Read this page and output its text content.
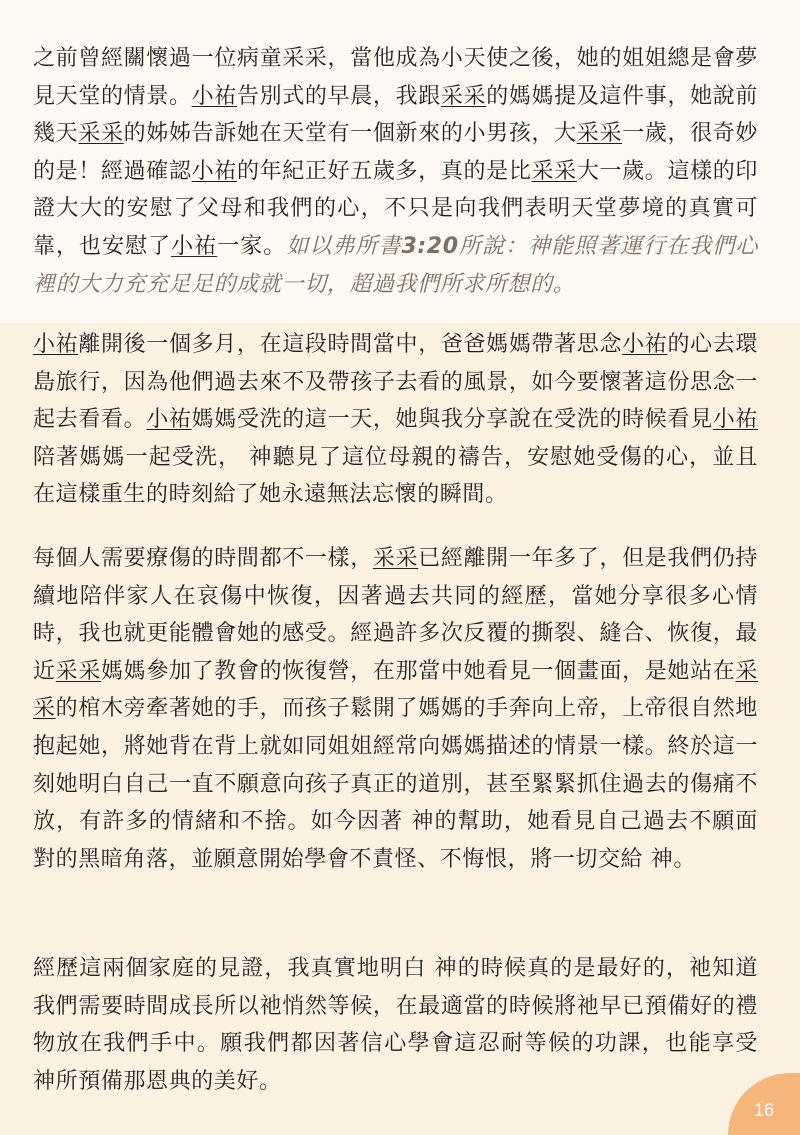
之前曾經關懷過一位病童采采，當他成為小天使之後，她的姐姐總是會夢見天堂的情景。小祐告別式的早晨，我跟采采的媽媽提及這件事，她說前幾天采采的姊姊告訴她在天堂有一個新來的小男孩，大采采一歲，很奇妙的是！經過確認小祐的年紀正好五歲多，真的是比采采大一歲。這樣的印證大大的安慰了父母和我們的心，不只是向我們表明天堂夢境的真實可靠，也安慰了小祐一家。如以弗所書3:20所說：神能照著運行在我們心裡的大力充充足足的成就一切，超過我們所求所想的。

小祐離開後一個多月，在這段時間當中，爸爸媽媽帶著思念小祐的心去環島旅行，因為他們過去來不及帶孩子去看的風景，如今要懷著這份思念一起去看看。小祐媽媽受洗的這一天，她與我分享說在受洗的時候看見小祐陪著媽媽一起受洗， 神聽見了這位母親的禱告，安慰她受傷的心，並且在這樣重生的時刻給了她永遠無法忘懷的瞬間。

每個人需要療傷的時間都不一樣，采采已經離開一年多了，但是我們仍持續地陪伴家人在哀傷中恢復，因著過去共同的經歷，當她分享很多心情時，我也就更能體會她的感受。經過許多次反覆的撕裂、縫合、恢復，最近采采媽媽參加了教會的恢復營，在那當中她看見一個畫面，是她站在采采的棺木旁牽著她的手，而孩子鬆開了媽媽的手奔向上帝，上帝很自然地抱起她，將她背在背上就如同姐姐經常向媽媽描述的情景一樣。終於這一刻她明白自己一直不願意向孩子真正的道別，甚至緊緊抓住過去的傷痛不放，有許多的情緒和不捨。如今因著 神的幫助，她看見自己過去不願面對的黑暗角落，並願意開始學會不責怪、不悔恨，將一切交給 神。

經歷這兩個家庭的見證，我真實地明白 神的時候真的是最好的，祂知道我們需要時間成長所以祂悄然等候，在最適當的時候將祂早已預備好的禮物放在我們手中。願我們都因著信心學會這忍耐等候的功課，也能享受 神所預備那恩典的美好。

16
